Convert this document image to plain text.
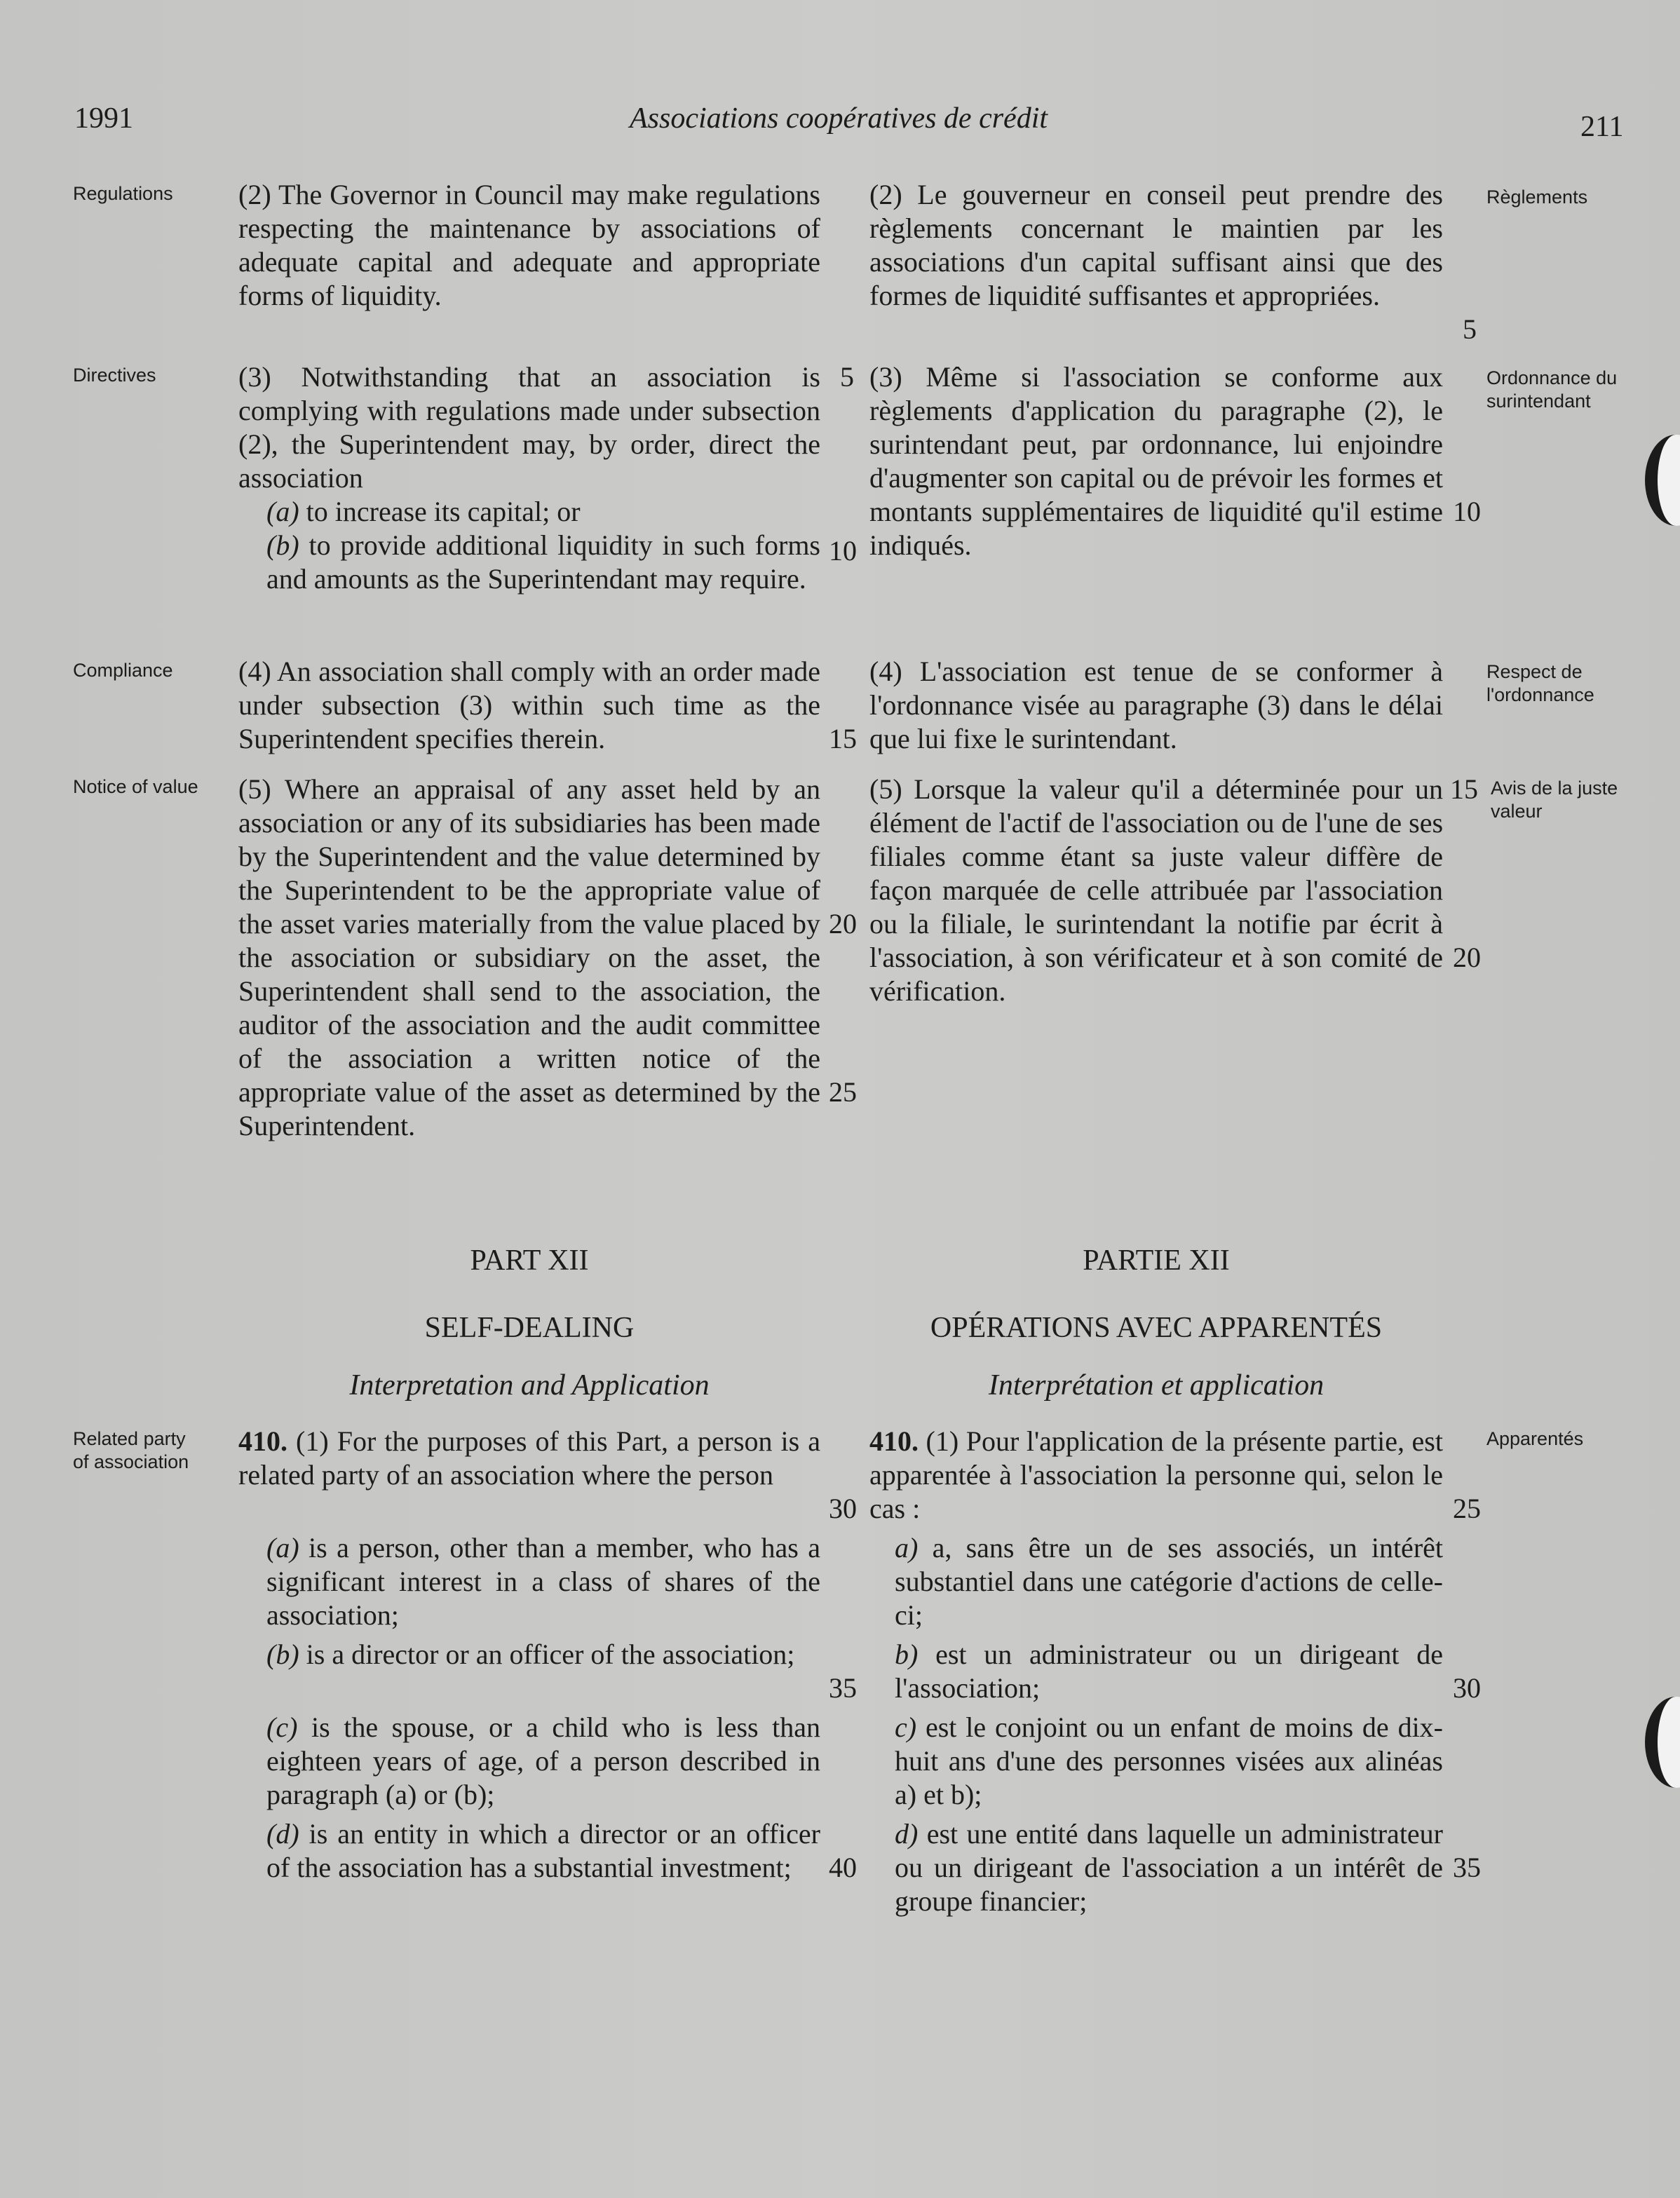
1991	Associations coopératives de crédit	211
Regulations
Directives
Compliance
Notice of value
Related party of association
Règlements
Ordonnance du surintendant
Respect de l'ordonnance
Avis de la juste valeur
Apparentés

(2) The Governor in Council may make regulations respecting the maintenance by associations of adequate capital and adequate and appropriate forms of liquidity.

(3) Notwithstanding that an association is complying with regulations made under subsection (2), the Superintendent may, by order, direct the association

(a) to increase its capital; or

(b) to provide additional liquidity in such forms and amounts as the Superintendant may require.

(4) An association shall comply with an order made under subsection (3) within such time as the Superintendent specifies therein.

(5) Where an appraisal of any asset held by an association or any of its subsidiaries has been made by the Superintendent and the value determined by the Superintendent to be the appropriate value of the asset varies materially from the value placed by the association or subsidiary on the asset, the Superintendent shall send to the association, the auditor of the association and the audit committee of the association a written notice of the appropriate value of the asset as determined by the Superintendent.

PART XII
SELF-DEALING
Interpretation and Application

410. (1) For the purposes of this Part, a person is a related party of an association where the person

(a) is a person, other than a member, who has a significant interest in a class of shares of the association;

(b) is a director or an officer of the association;

(c) is the spouse, or a child who is less than eighteen years of age, of a person described in paragraph (a) or (b);

(d) is an entity in which a director or an officer of the association has a substantial investment;

(2) Le gouverneur en conseil peut prendre des règlements concernant le maintien par les associations d'un capital suffisant ainsi que des formes de liquidité suffisantes et appropriées.

(3) Même si l'association se conforme aux règlements d'application du paragraphe (2), le surintendant peut, par ordonnance, lui enjoindre d'augmenter son capital ou de prévoir les formes et montants supplémentaires de liquidité qu'il estime indiqués.

(4) L'association est tenue de se conformer à l'ordonnance visée au paragraphe (3) dans le délai que lui fixe le surintendant.

(5) Lorsque la valeur qu'il a déterminée pour un élément de l'actif de l'association ou de l'une de ses filiales comme étant sa juste valeur diffère de façon marquée de celle attribuée par l'association ou la filiale, le surintendant la notifie par écrit à l'association, à son vérificateur et à son comité de vérification.

PARTIE XII
OPÉRATIONS AVEC APPARENTÉS
Interprétation et application

410. (1) Pour l'application de la présente partie, est apparentée à l'association la personne qui, selon le cas :

a) a, sans être un de ses associés, un intérêt substantiel dans une catégorie d'actions de celle-ci;

b) est un administrateur ou un dirigeant de l'association;

c) est le conjoint ou un enfant de moins de dix-huit ans d'une des personnes visées aux alinéas a) et b);

d) est une entité dans laquelle un administrateur ou un dirigeant de l'association a un intérêt de groupe financier;

5
10
15
20
25
30
35
40
5
10
15
20
25
30
35
